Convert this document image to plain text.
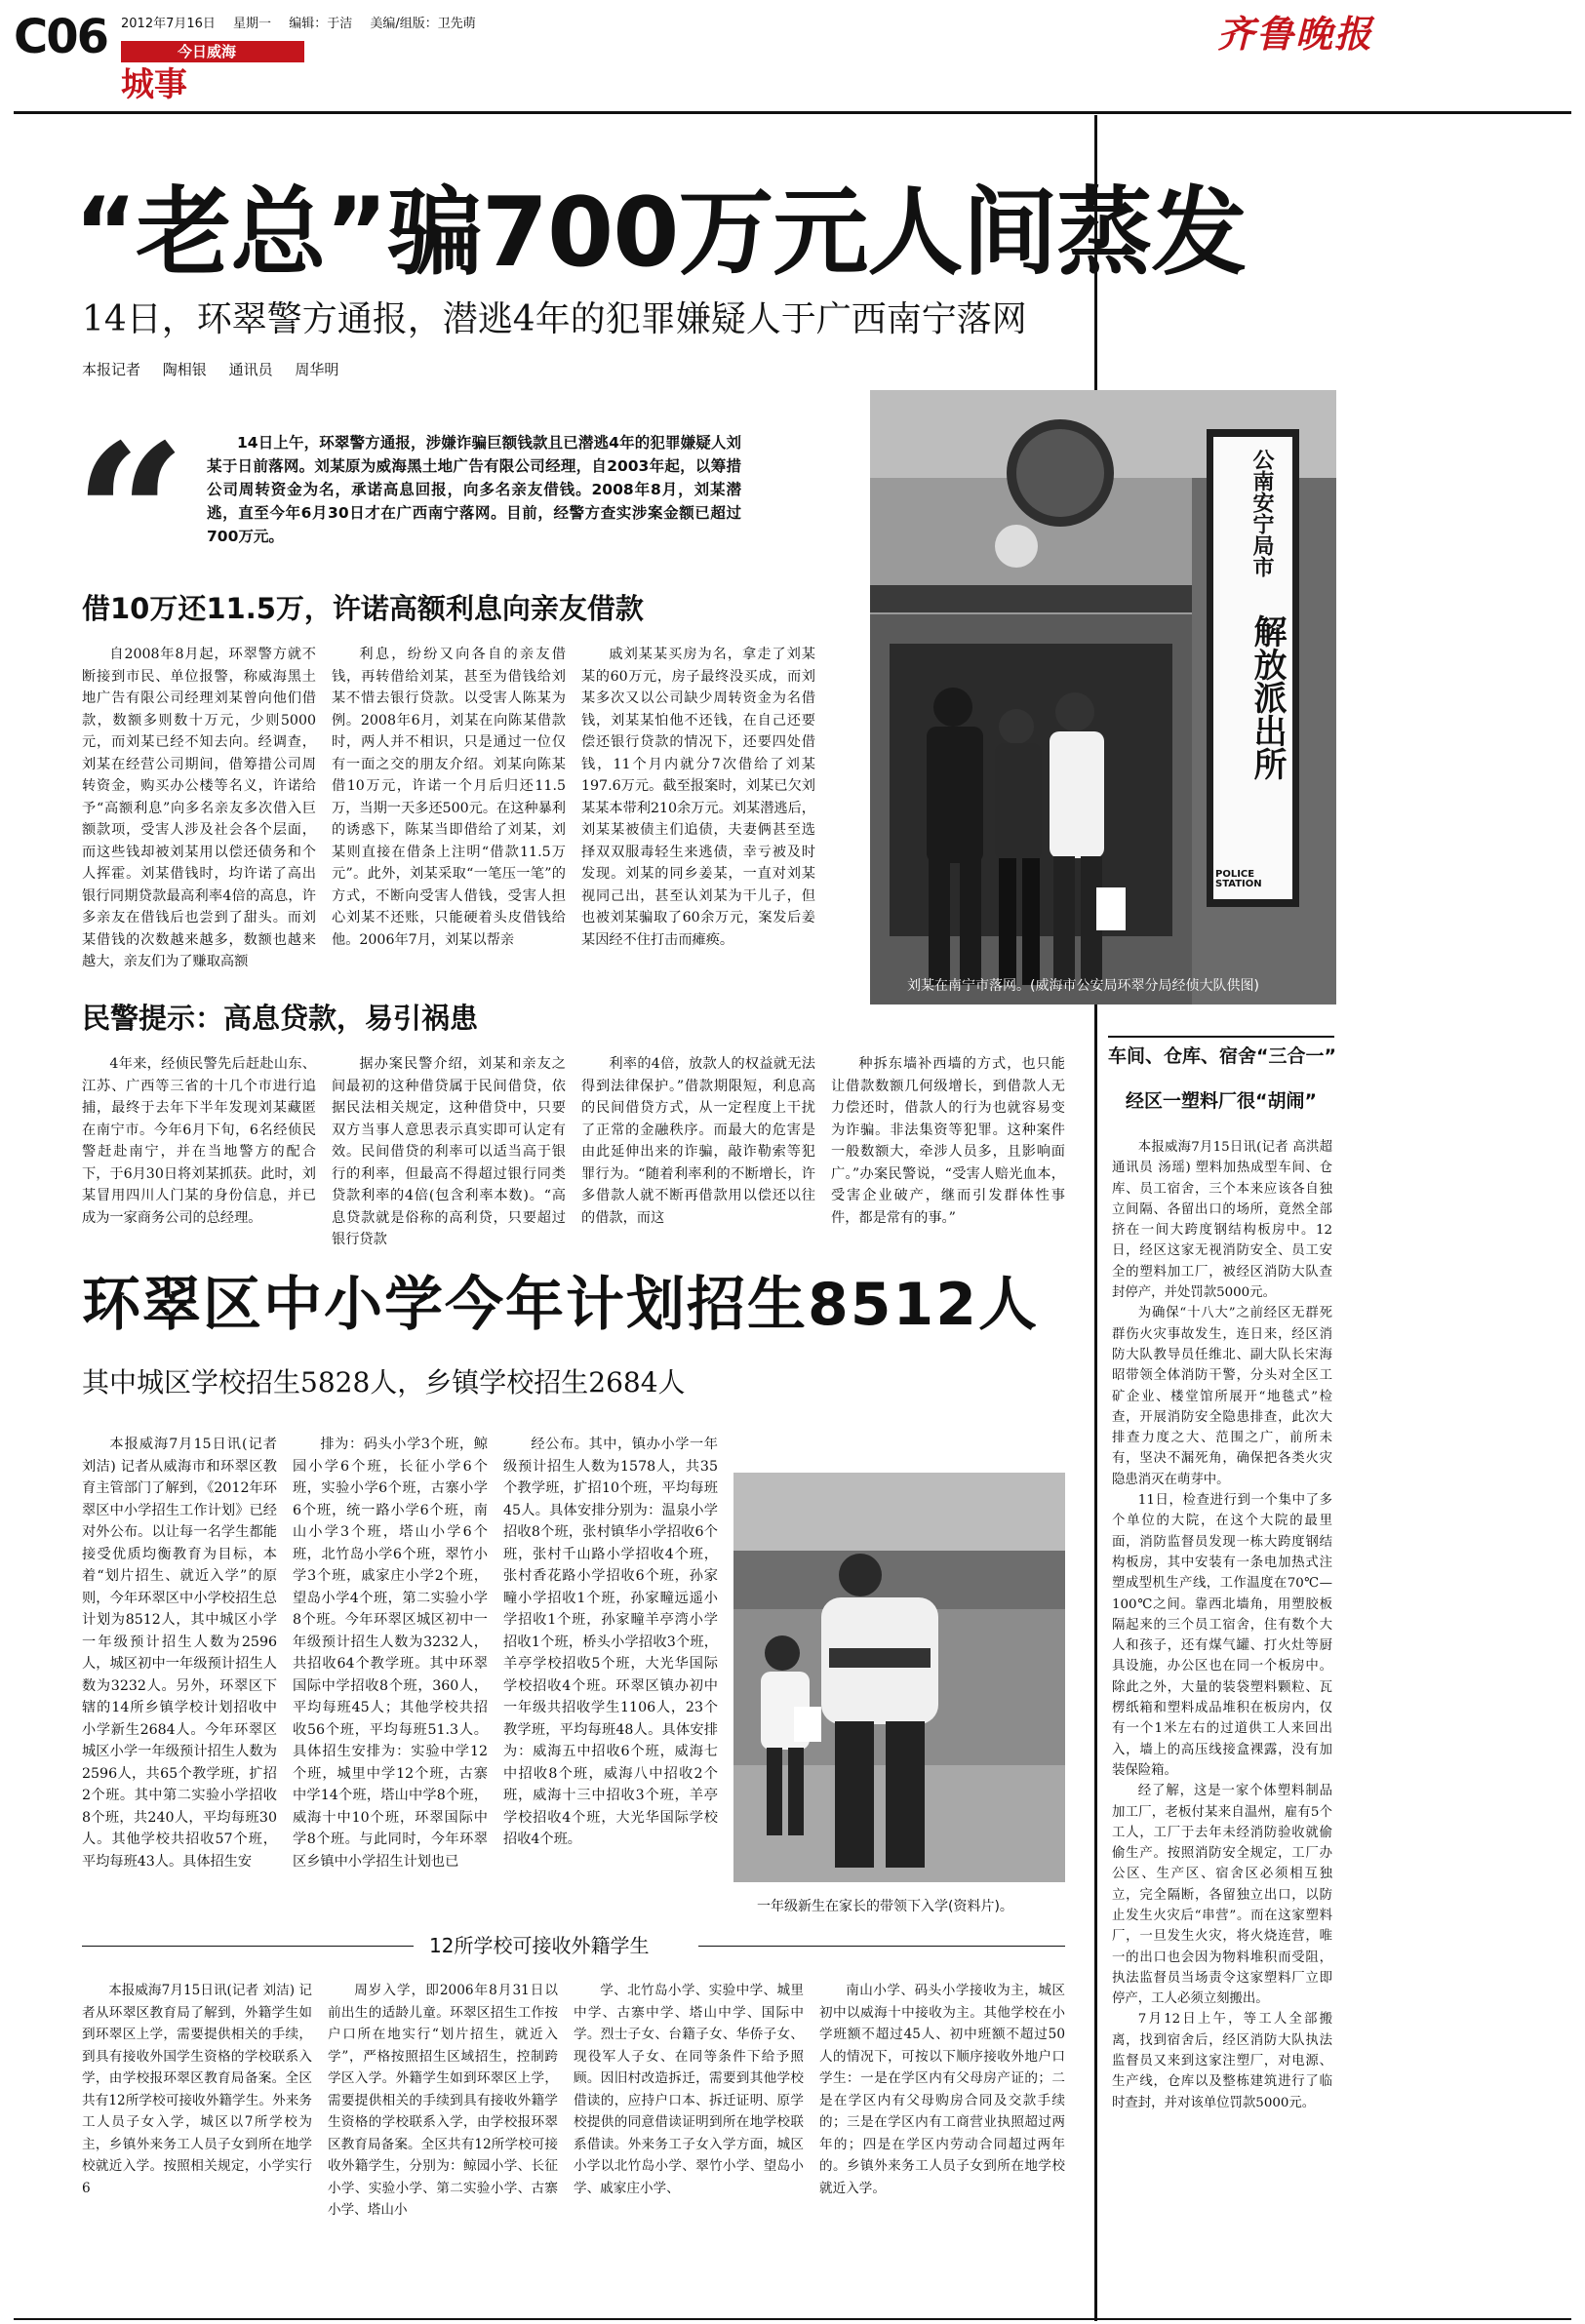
C06 2012年7月16日 星期一 编辑：于洁 美编/组版：卫先萌
今日威海
城事
齐鲁晚报
“老总”骗700万元人间蒸发
14日，环翠警方通报，潜逃4年的犯罪嫌疑人于广西南宁落网
本报记者 陶相银 通讯员 周华明
“	14日上午，环翠警方通报，涉嫌诈骗巨额钱款且已潜逃4年的犯罪嫌疑人刘某于日前落网。刘某原为威海黑土地广告有限公司经理，自2003年起，以筹措公司周转资金为名，承诺高息回报，向多名亲友借钱。2008年8月，刘某潜逃，直至今年6月30日才在广西南宁落网。目前，经警方查实涉案金额已超过700万元。	公南安宁局市
解放派出所
POLICE STATION
刘某在南宁市落网。(威海市公安局环翠分局经侦大队供图)
借10万还11.5万，许诺高额利息向亲友借款

自2008年8月起，环翠警方就不断接到市民、单位报警，称威海黑土地广告有限公司经理刘某曾向他们借款，数额多则数十万元，少则5000元，而刘某已经不知去向。经调查，刘某在经营公司期间，借筹措公司周转资金，购买办公楼等名义，许诺给予“高额利息”向多名亲友多次借入巨额款项，受害人涉及社会各个层面，而这些钱却被刘某用以偿还债务和个人挥霍。刘某借钱时，均许诺了高出银行同期贷款最高利率4倍的高息，许多亲友在借钱后也尝到了甜头。而刘某借钱的次数越来越多，数额也越来越大，亲友们为了赚取高额

利息，纷纷又向各自的亲友借钱，再转借给刘某，甚至为借钱给刘某不惜去银行贷款。以受害人陈某为例。2008年6月，刘某在向陈某借款时，两人并不相识，只是通过一位仅有一面之交的朋友介绍。刘某向陈某借10万元，许诺一个月后归还11.5万，当期一天多还500元。在这种暴利的诱惑下，陈某当即借给了刘某，刘某则直接在借条上注明“借款11.5万元”。此外，刘某采取“一笔压一笔”的方式，不断向受害人借钱，受害人担心刘某不还账，只能硬着头皮借钱给他。2006年7月，刘某以帮亲

戚刘某某买房为名，拿走了刘某某的60万元，房子最终没买成，而刘某多次又以公司缺少周转资金为名借钱，刘某某怕他不还钱，在自己还要偿还银行贷款的情况下，还要四处借钱，11个月内就分7次借给了刘某197.6万元。截至报案时，刘某已欠刘某某本带利210余万元。刘某潜逃后，刘某某被债主们追债，夫妻俩甚至选择双双服毒轻生来逃债，幸亏被及时发现。刘某的同乡姜某，一直对刘某视同己出，甚至认刘某为干儿子，但也被刘某骗取了60余万元，案发后姜某因经不住打击而瘫痪。

民警提示：高息贷款，易引祸患

4年来，经侦民警先后赶赴山东、江苏、广西等三省的十几个市进行追捕，最终于去年下半年发现刘某藏匿在南宁市。今年6月下旬，6名经侦民警赶赴南宁，并在当地警方的配合下，于6月30日将刘某抓获。此时，刘某冒用四川人门某的身份信息，并已成为一家商务公司的总经理。

据办案民警介绍，刘某和亲友之间最初的这种借贷属于民间借贷，依据民法相关规定，这种借贷中，只要双方当事人意思表示真实即可认定有效。民间借贷的利率可以适当高于银行的利率，但最高不得超过银行同类贷款利率的4倍(包含利率本数)。“高息贷款就是俗称的高利贷，只要超过银行贷款

利率的4倍，放款人的权益就无法得到法律保护。”借款期限短，利息高的民间借贷方式，从一定程度上干扰了正常的金融秩序。而最大的危害是由此延伸出来的诈骗，敲诈勒索等犯罪行为。“随着利率利的不断增长，许多借款人就不断再借款用以偿还以往的借款，而这

种拆东墙补西墙的方式，也只能让借款数额几何级增长，到借款人无力偿还时，借款人的行为也就容易变为诈骗。非法集资等犯罪。这种案件一般数额大，牵涉人员多，且影响面广。”办案民警说，“受害人赔光血本，受害企业破产，继而引发群体性事件，都是常有的事。”

环翠区中小学今年计划招生8512人
其中城区学校招生5828人，乡镇学校招生2684人

本报威海7月15日讯(记者 刘洁) 记者从威海市和环翠区教育主管部门了解到，《2012年环翠区中小学招生工作计划》已经对外公布。以让每一名学生都能接受优质均衡教育为目标，本着“划片招生、就近入学”的原则，今年环翠区中小学校招生总计划为8512人，其中城区小学一年级预计招生人数为2596人，城区初中一年级预计招生人数为3232人。另外，环翠区下辖的14所乡镇学校计划招收中小学新生2684人。今年环翠区城区小学一年级预计招生人数为2596人，共65个教学班，扩招2个班。其中第二实验小学招收8个班，共240人，平均每班30人。其他学校共招收57个班，平均每班43人。具体招生安

排为：码头小学3个班，鲸园小学6个班，长征小学6个班，实验小学6个班，古寨小学6个班，统一路小学6个班，南山小学3个班，塔山小学6个班，北竹岛小学6个班，翠竹小学3个班，戚家庄小学2个班，望岛小学4个班，第二实验小学8个班。今年环翠区城区初中一年级预计招生人数为3232人，共招收64个教学班。其中环翠国际中学招收8个班，360人，平均每班45人；其他学校共招收56个班，平均每班51.3人。具体招生安排为：实验中学12个班，城里中学12个班，古寨中学14个班，塔山中学8个班，威海十中10个班，环翠国际中学8个班。与此同时，今年环翠区乡镇中小学招生计划也已

经公布。其中，镇办小学一年级预计招生人数为1578人，共35个教学班，扩招10个班，平均每班45人。具体安排分别为：温泉小学招收8个班，张村镇华小学招收6个班，张村千山路小学招收4个班，张村香花路小学招收6个班，孙家疃小学招收1个班，孙家疃远遥小学招收1个班，孙家疃羊亭湾小学招收1个班，桥头小学招收3个班，羊亭学校招收5个班，大光华国际学校招收4个班。环翠区镇办初中一年级共招收学生1106人，23个教学班，平均每班48人。具体安排为：威海五中招收6个班，威海七中招收8个班，威海八中招收2个班，威海十三中招收3个班，羊亭学校招收4个班，大光华国际学校招收4个班。

一年级新生在家长的带领下入学(资料片)。
12所学校可接收外籍学生

本报威海7月15日讯(记者 刘洁) 记者从环翠区教育局了解到，外籍学生如到环翠区上学，需要提供相关的手续，到具有接收外国学生资格的学校联系入学，由学校报环翠区教育局备案。全区共有12所学校可接收外籍学生。外来务工人员子女入学，城区以7所学校为主，乡镇外来务工人员子女到所在地学校就近入学。按照相关规定，小学实行6

周岁入学，即2006年8月31日以前出生的适龄儿童。环翠区招生工作按户口所在地实行“划片招生，就近入学”，严格按照招生区域招生，控制跨学区入学。外籍学生如到环翠区上学，需要提供相关的手续到具有接收外籍学生资格的学校联系入学，由学校报环翠区教育局备案。全区共有12所学校可接收外籍学生，分别为：鲸园小学、长征小学、实验小学、第二实验小学、古寨小学、塔山小

学、北竹岛小学、实验中学、城里中学、古寨中学、塔山中学、国际中学。烈士子女、台籍子女、华侨子女、现役军人子女、在同等条件下给予照顾。因旧村改造拆迁，需要到其他学校借读的，应持户口本、拆迁证明、原学校提供的同意借读证明到所在地学校联系借读。外来务工子女入学方面，城区小学以北竹岛小学、翠竹小学、望岛小学、戚家庄小学、

南山小学、码头小学接收为主，城区初中以威海十中接收为主。其他学校在小学班额不超过45人、初中班额不超过50人的情况下，可按以下顺序接收外地户口学生：一是在学区内有父母房产证的；二是在学区内有父母购房合同及交款手续的；三是在学区内有工商营业执照超过两年的；四是在学区内劳动合同超过两年的。乡镇外来务工人员子女到所在地学校就近入学。

车间、仓库、宿舍“三合一”
经区一塑料厂很“胡闹”

本报威海7月15日讯(记者 高洪超 通讯员 汤瑶) 塑料加热成型车间、仓库、员工宿舍，三个本来应该各自独立间隔、各留出口的场所，竟然全部挤在一间大跨度钢结构板房中。12日，经区这家无视消防安全、员工安全的塑料加工厂，被经区消防大队查封停产，并处罚款5000元。

为确保“十八大”之前经区无群死群伤火灾事故发生，连日来，经区消防大队教导员任维北、副大队长宋海昭带领全体消防干警，分头对全区工矿企业、楼堂馆所展开“地毯式”检查，开展消防安全隐患排查，此次大排查力度之大、范围之广，前所未有，坚决不漏死角，确保把各类火灾隐患消灭在萌芽中。

11日，检查进行到一个集中了多个单位的大院，在这个大院的最里面，消防监督员发现一栋大跨度钢结构板房，其中安装有一条电加热式注塑成型机生产线，工作温度在70℃—100℃之间。靠西北墙角，用塑胶板隔起来的三个员工宿舍，住有数个大人和孩子，还有煤气罐、打火灶等厨具设施，办公区也在同一个板房中。除此之外，大量的装袋塑料颗粒、瓦楞纸箱和塑料成品堆积在板房内，仅有一个1米左右的过道供工人来回出入，墙上的高压线接盒裸露，没有加装保险箱。

经了解，这是一家个体塑料制品加工厂，老板付某来自温州，雇有5个工人，工厂于去年未经消防验收就偷偷生产。按照消防安全规定，工厂办公区、生产区、宿舍区必须相互独立，完全隔断，各留独立出口，以防止发生火灾后“串营”。而在这家塑料厂，一旦发生火灾，将火烧连营，唯一的出口也会因为物料堆积而受阻，执法监督员当场责令这家塑料厂立即停产，工人必须立刻搬出。

7月12日上午，等工人全部搬离，找到宿舍后，经区消防大队执法监督员又来到这家注塑厂，对电源、生产线，仓库以及整栋建筑进行了临时查封，并对该单位罚款5000元。
